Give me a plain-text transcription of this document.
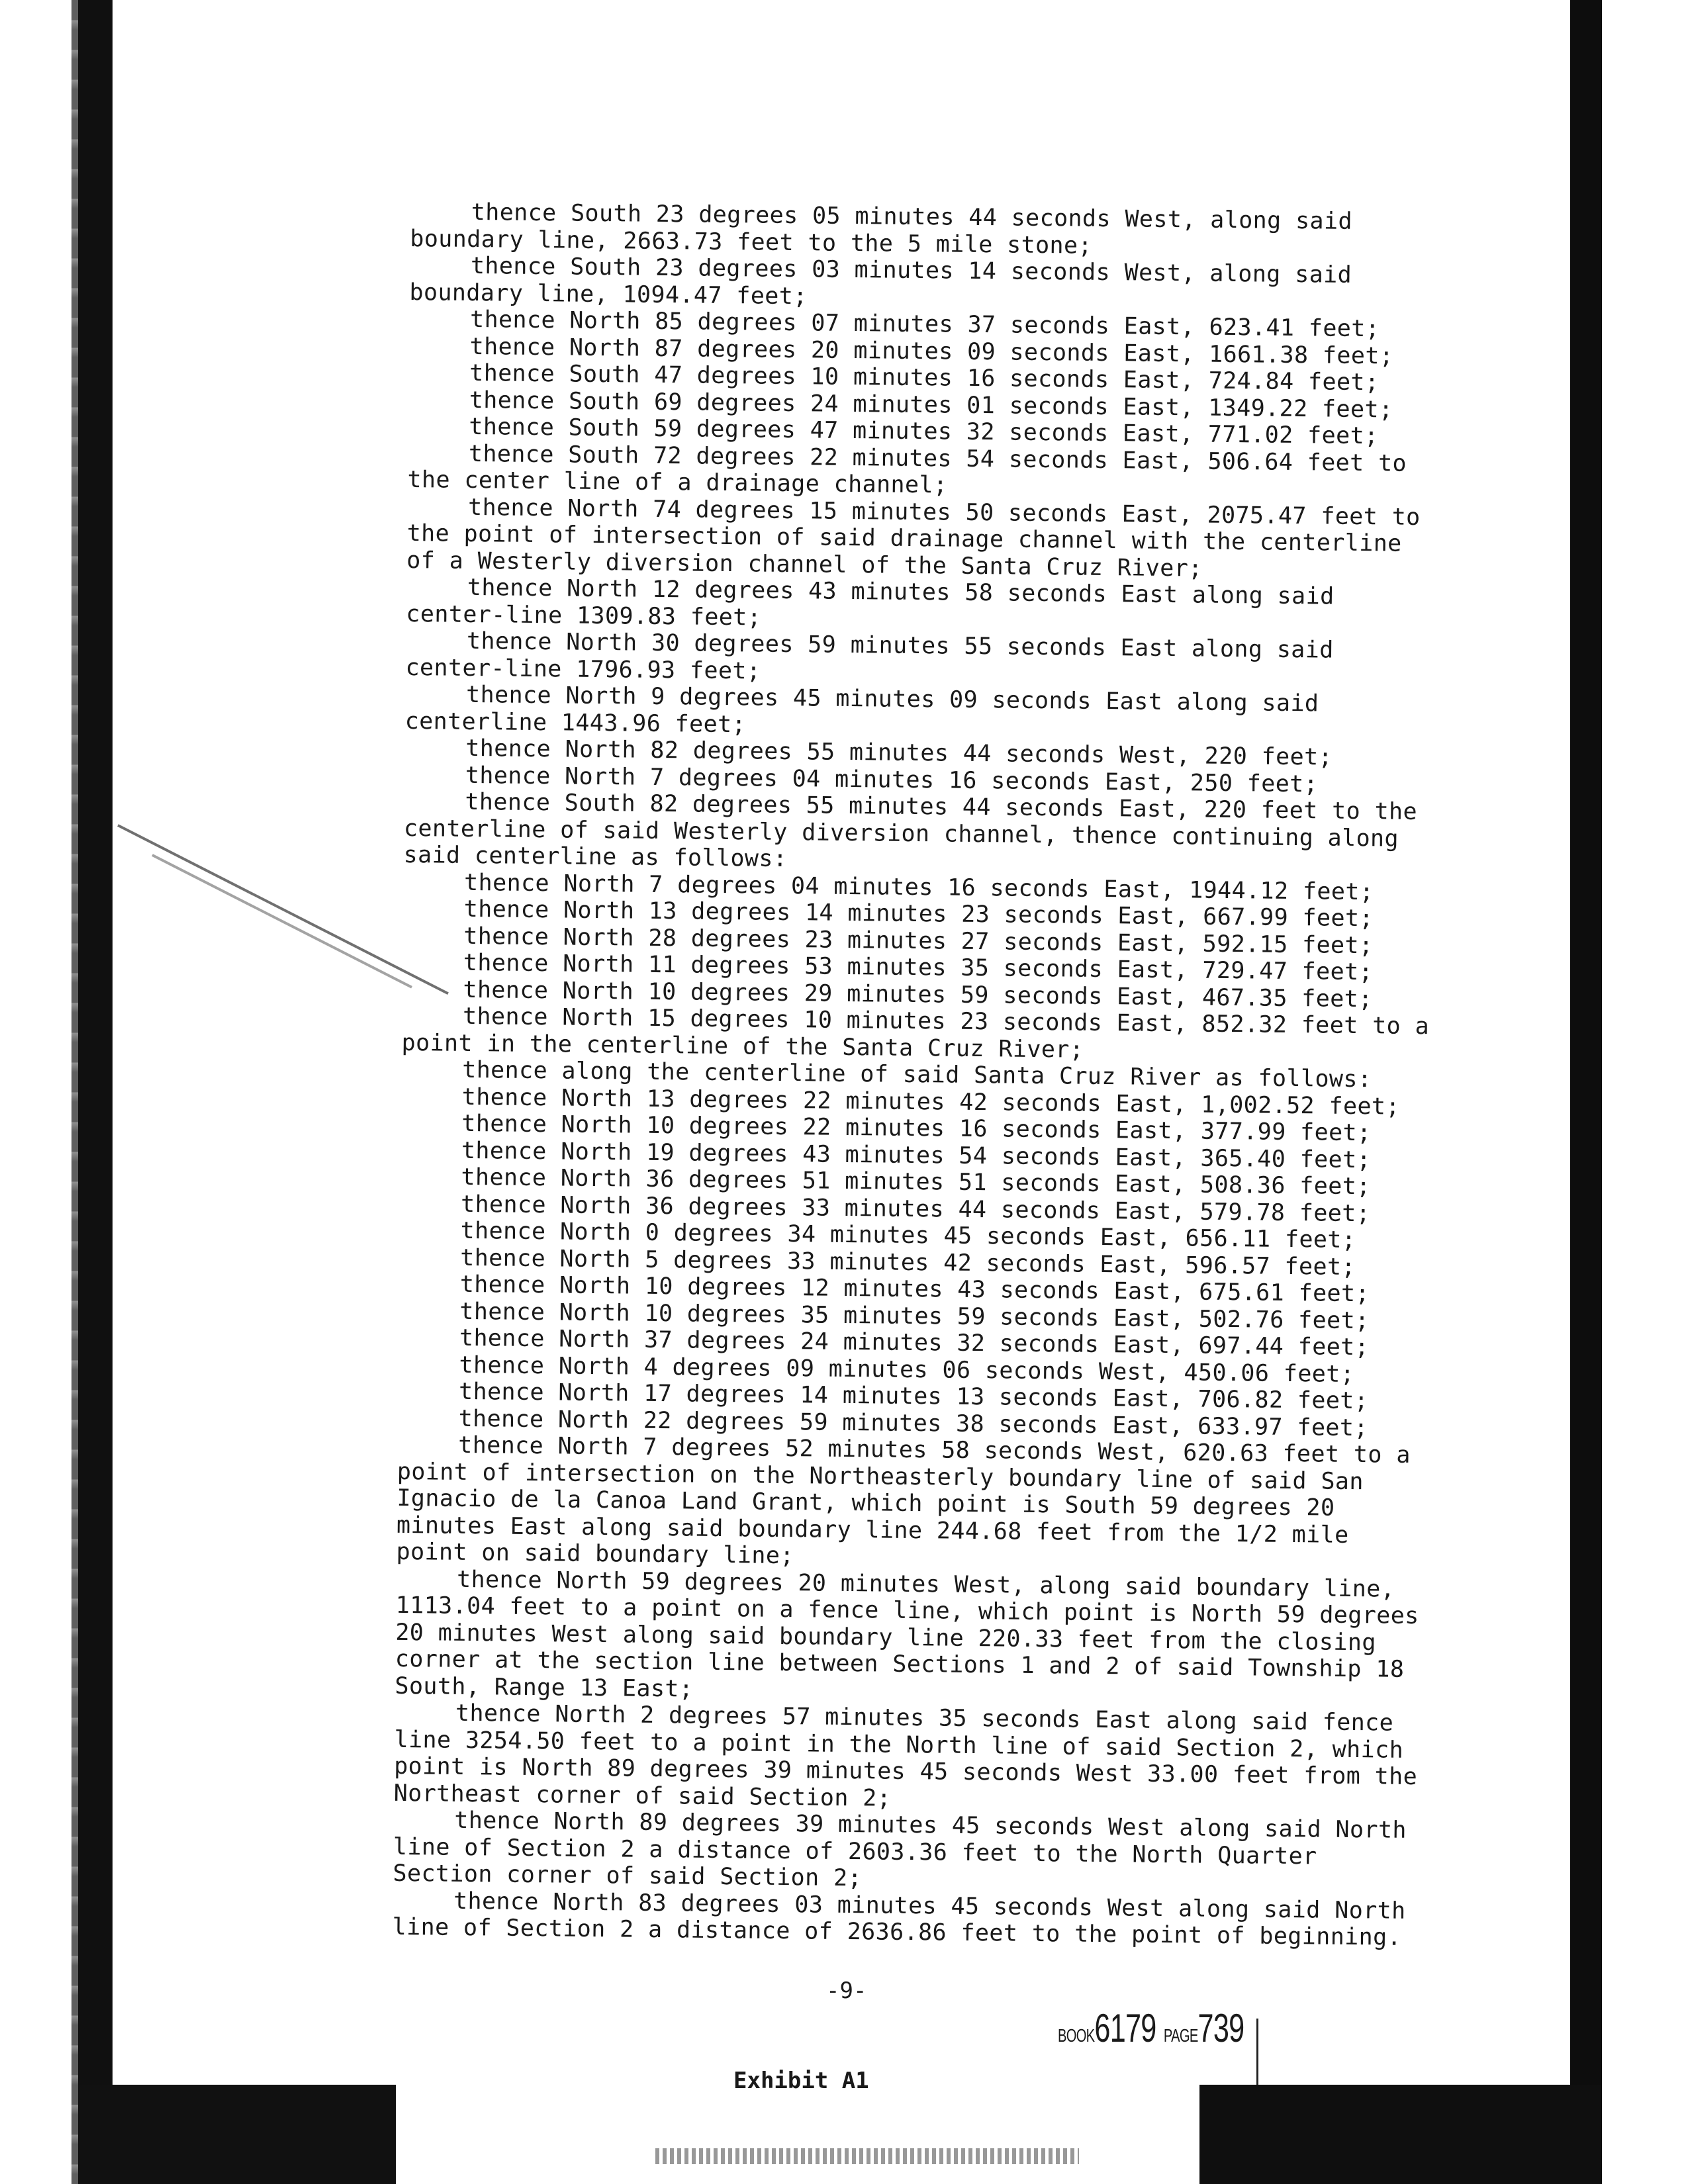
thence South 23 degrees 05 minutes 44 seconds West, along said boundary line, 2663.73 feet to the 5 mile stone;

thence South 23 degrees 03 minutes 14 seconds West, along said boundary line, 1094.47 feet;

thence North 85 degrees 07 minutes 37 seconds East, 623.41 feet;

thence North 87 degrees 20 minutes 09 seconds East, 1661.38 feet;

thence South 47 degrees 10 minutes 16 seconds East, 724.84 feet;

thence South 69 degrees 24 minutes 01 seconds East, 1349.22 feet;

thence South 59 degrees 47 minutes 32 seconds East, 771.02 feet;

thence South 72 degrees 22 minutes 54 seconds East, 506.64 feet to the center line of a drainage channel;

thence North 74 degrees 15 minutes 50 seconds East, 2075.47 feet to the point of intersection of said drainage channel with the centerline of a Westerly diversion channel of the Santa Cruz River;

thence North 12 degrees 43 minutes 58 seconds East along said center-line 1309.83 feet;

thence North 30 degrees 59 minutes 55 seconds East along said center-line 1796.93 feet;

thence North 9 degrees 45 minutes 09 seconds East along said centerline 1443.96 feet;

thence North 82 degrees 55 minutes 44 seconds West, 220 feet;

thence North 7 degrees 04 minutes 16 seconds East, 250 feet;

thence South 82 degrees 55 minutes 44 seconds East, 220 feet to the centerline of said Westerly diversion channel, thence continuing along said centerline as follows:

thence North 7 degrees 04 minutes 16 seconds East, 1944.12 feet;

thence North 13 degrees 14 minutes 23 seconds East, 667.99 feet;

thence North 28 degrees 23 minutes 27 seconds East, 592.15 feet;

thence North 11 degrees 53 minutes 35 seconds East, 729.47 feet;

thence North 10 degrees 29 minutes 59 seconds East, 467.35 feet;

thence North 15 degrees 10 minutes 23 seconds East, 852.32 feet to a point in the centerline of the Santa Cruz River;

thence along the centerline of said Santa Cruz River as follows:

thence North 13 degrees 22 minutes 42 seconds East, 1,002.52 feet;

thence North 10 degrees 22 minutes 16 seconds East, 377.99 feet;

thence North 19 degrees 43 minutes 54 seconds East, 365.40 feet;

thence North 36 degrees 51 minutes 51 seconds East, 508.36 feet;

thence North 36 degrees 33 minutes 44 seconds East, 579.78 feet;

thence North 0 degrees 34 minutes 45 seconds East, 656.11 feet;

thence North 5 degrees 33 minutes 42 seconds East, 596.57 feet;

thence North 10 degrees 12 minutes 43 seconds East, 675.61 feet;

thence North 10 degrees 35 minutes 59 seconds East, 502.76 feet;

thence North 37 degrees 24 minutes 32 seconds East, 697.44 feet;

thence North 4 degrees 09 minutes 06 seconds West, 450.06 feet;

thence North 17 degrees 14 minutes 13 seconds East, 706.82 feet;

thence North 22 degrees 59 minutes 38 seconds East, 633.97 feet;

thence North 7 degrees 52 minutes 58 seconds West, 620.63 feet to a point of intersection on the Northeasterly boundary line of said San Ignacio de la Canoa Land Grant, which point is South 59 degrees 20 minutes East along said boundary line 244.68 feet from the 1/2 mile point on said boundary line;

thence North 59 degrees 20 minutes West, along said boundary line, 1113.04 feet to a point on a fence line, which point is North 59 degrees 20 minutes West along said boundary line 220.33 feet from the closing corner at the section line between Sections 1 and 2 of said Township 18 South, Range 13 East;

thence North 2 degrees 57 minutes 35 seconds East along said fence line 3254.50 feet to a point in the North line of said Section 2, which point is North 89 degrees 39 minutes 45 seconds West 33.00 feet from the Northeast corner of said Section 2;

thence North 89 degrees 39 minutes 45 seconds West along said North line of Section 2 a distance of 2603.36 feet to the North Quarter Section corner of said Section 2;

thence North 83 degrees 03 minutes 45 seconds West along said North line of Section 2 a distance of 2636.86 feet to the point of beginning.

-9-
BOOK6179 PAGE739
Exhibit A1
